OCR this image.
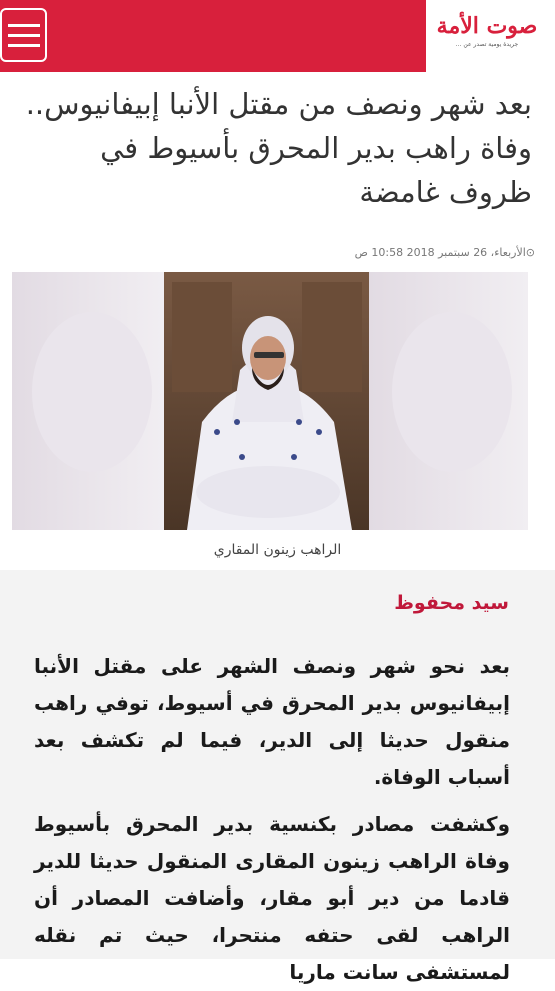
صوت الأمة
جريدة يومية تصدر عن ...
بعد شهر ونصف من مقتل الأنبا إبيفانيوس.. وفاة راهب بدير المحرق بأسيوط في ظروف غامضة
⊙الأربعاء، 26 سبتمبر 2018 10:58 ص
الراهب زينون المقاري
سيد محفوظ

بعد نحو شهر ونصف الشهر على مقتل الأنبا إبيفانيوس بدير المحرق في أسيوط، توفي راهب منقول حديثا إلى الدير، فيما لم تكشف بعد أسباب الوفاة.

وكشفت مصادر بكنسية بدير المحرق بأسيوط وفاة الراهب زينون المقارى المنقول حديثا للدير قادما من دير أبو مقار، وأضافت المصادر أن الراهب لقى حتفه منتحرا، حيث تم نقله لمستشفى سانت ماريا
